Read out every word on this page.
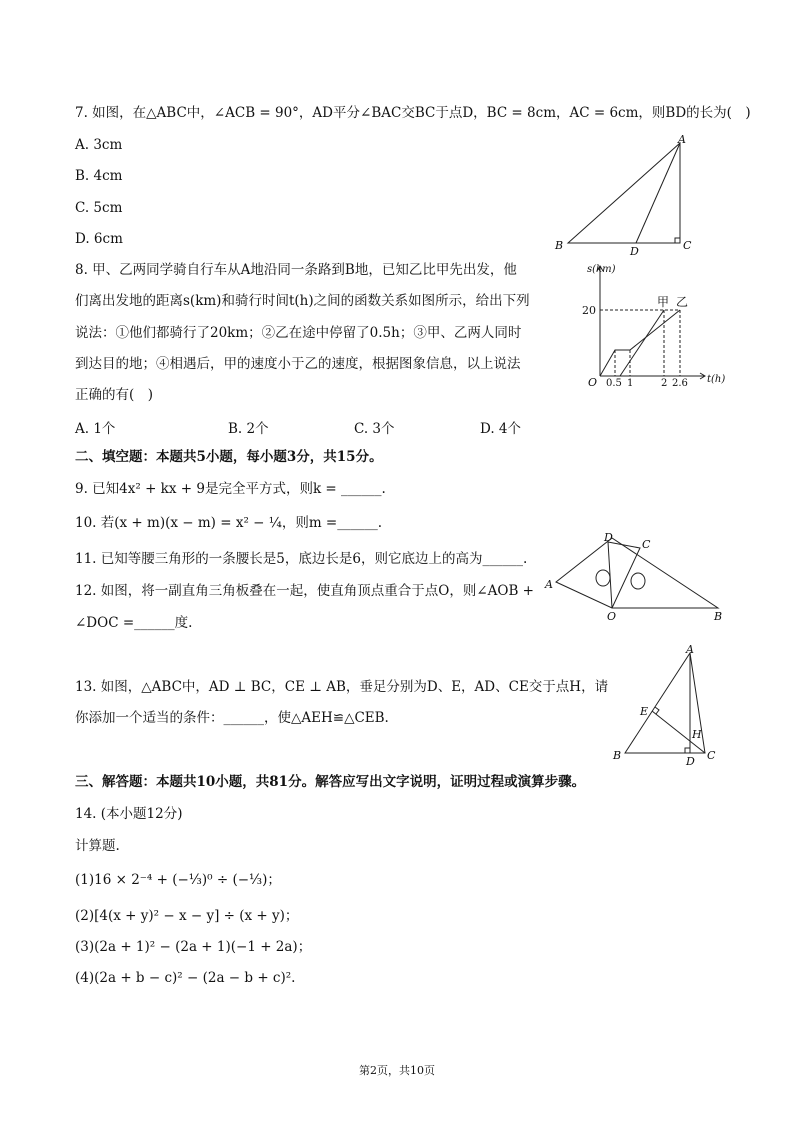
7. 如图，在△ABC中，∠ACB = 90°，AD平分∠BAC交BC于点D，BC = 8cm，AC = 6cm，则BD的长为(　)
A. 3cm
B. 4cm
C. 5cm
D. 6cm
A
B	C
D
8. 甲、乙两同学骑自行车从A地沿同一条路到B地，已知乙比甲先出发，他
们离出发地的距离s(km)和骑行时间t(h)之间的函数关系如图所示，给出下列
说法：①他们都骑行了20km；②乙在途中停留了0.5h；③甲、乙两人同时
到达目的地；④相遇后，甲的速度小于乙的速度，根据图象信息，以上说法
正确的有(　)
A. 1个	B. 2个	C. 3个	D. 4个
s(km)
t(h)
O
20
0.5 1	2 2.6
甲 乙
二、填空题：本题共5小题，每小题3分，共15分。
9. 已知4x² + kx + 9是完全平方式，则k = ______.
10. 若(x + m)(x − m) = x² − ¼，则m =______.
11. 已知等腰三角形的一条腰长是5，底边长是6，则它底边上的高为______.
12. 如图，将一副直角三角板叠在一起，使直角顶点重合于点O，则∠AOB +
∠DOC =______度.
A
B
C
D
O
13. 如图，△ABC中，AD ⊥ BC，CE ⊥ AB，垂足分别为D、E，AD、CE交于点H，请
你添加一个适当的条件：______，使△AEH≌△CEB.
A
B	C
D
E
H
三、解答题：本题共10小题，共81分。解答应写出文字说明，证明过程或演算步骤。
14. (本小题12分)
计算题.
(1)16 × 2⁻⁴ + (−⅓)⁰ ÷ (−⅓)；
(2)[4(x + y)² − x − y] ÷ (x + y)；
(3)(2a + 1)² − (2a + 1)(−1 + 2a)；
(4)(2a + b − c)² − (2a − b + c)².
第2页，共10页
